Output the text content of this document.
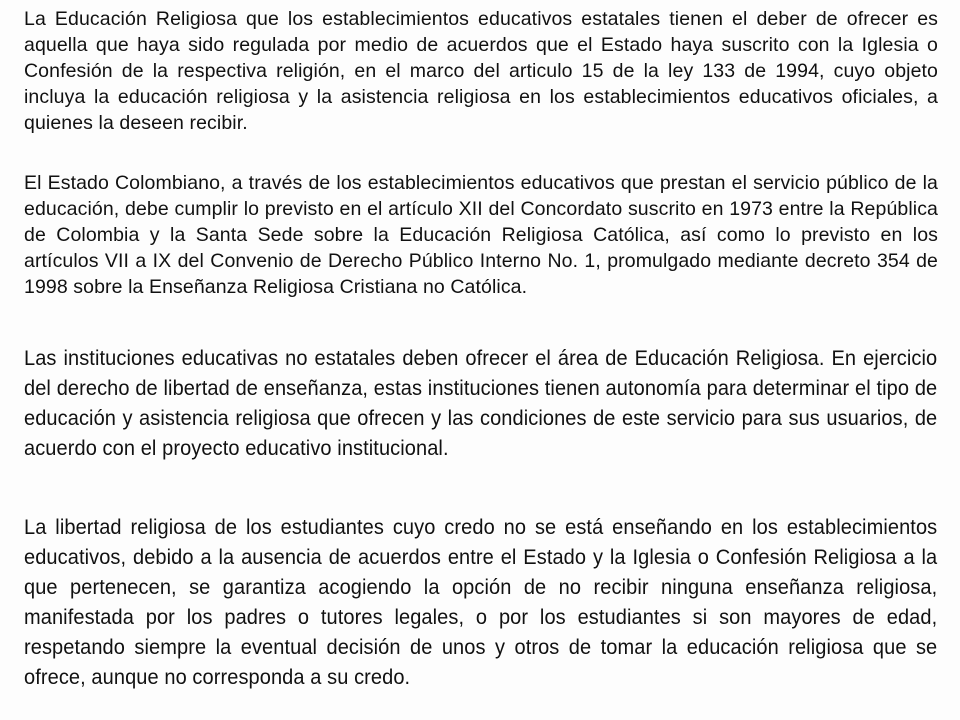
La Educación Religiosa que los establecimientos educativos estatales tienen el deber de ofrecer es aquella que haya sido regulada por medio de acuerdos que el Estado haya suscrito con la Iglesia o Confesión de la respectiva religión, en el marco del articulo 15 de la ley 133 de 1994, cuyo objeto incluya la educación religiosa y la asistencia religiosa en los establecimientos educativos oficiales, a quienes la deseen recibir.

El Estado Colombiano, a través de los establecimientos educativos que prestan el servicio público de la educación, debe cumplir lo previsto en el artículo XII del Concordato suscrito en 1973 entre la República de Colombia y la Santa Sede sobre la Educación Religiosa Católica, así como lo previsto en los artículos VII a IX del Convenio de Derecho Público Interno No. 1, promulgado mediante decreto 354 de 1998 sobre la Enseñanza Religiosa Cristiana no Católica.

Las instituciones educativas no estatales deben ofrecer el área de Educación Religiosa. En ejercicio del derecho de libertad de enseñanza, estas instituciones tienen autonomía para determinar el tipo de educación y asistencia religiosa que ofrecen y las condiciones de este servicio para sus usuarios, de acuerdo con el proyecto educativo institucional.

La libertad religiosa de los estudiantes cuyo credo no se está enseñando en los establecimientos educativos, debido a la ausencia de acuerdos entre el Estado y la Iglesia o Confesión Religiosa a la que pertenecen, se garantiza acogiendo la opción de no recibir ninguna enseñanza religiosa, manifestada por los padres o tutores legales, o por los estudiantes si son mayores de edad, respetando siempre la eventual decisión de unos y otros de tomar la educación religiosa que se ofrece, aunque no corresponda a su credo.
